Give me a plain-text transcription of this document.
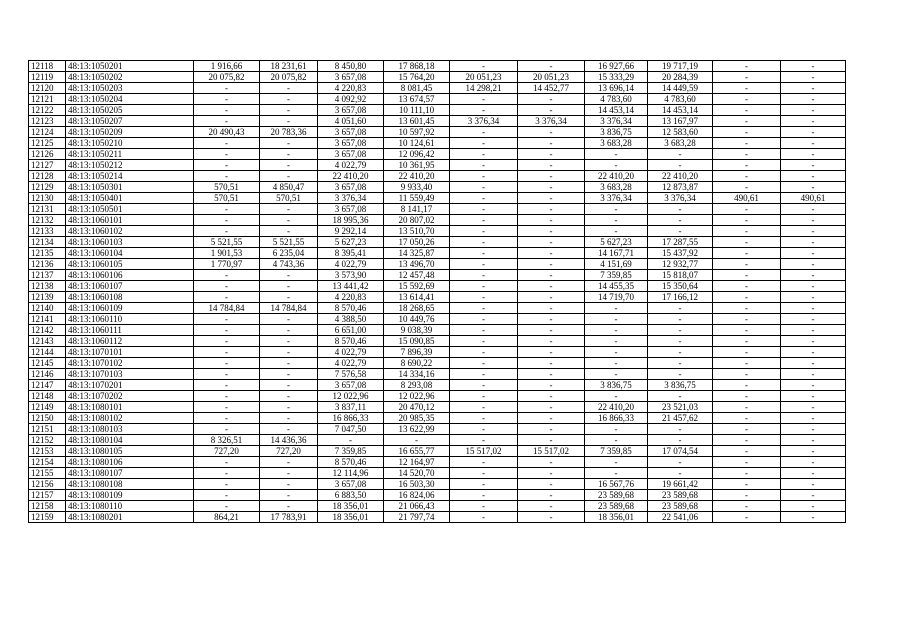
12118	48:13:1050201	1 916,66	18 231,61	8 450,80	17 868,18	-	-	16 927,66	19 717,19	-	-
12119	48:13:1050202	20 075,82	20 075,82	3 657,08	15 764,20	20 051,23	20 051,23	15 333,29	20 284,39	-	-
12120	48:13:1050203	-	-	4 220,83	8 081,45	14 298,21	14 452,77	13 696,14	14 449,59	-	-
12121	48:13:1050204	-	-	4 092,92	13 674,57	-	-	4 783,60	4 783,60	-	-
12122	48:13:1050205	-	-	3 657,08	10 111,10	-	-	14 453,14	14 453,14	-	-
12123	48:13:1050207	-	-	4 051,60	13 601,45	3 376,34	3 376,34	3 376,34	13 167,97	-	-
12124	48:13:1050209	20 490,43	20 783,36	3 657,08	10 597,92	-	-	3 836,75	12 583,60	-	-
12125	48:13:1050210	-	-	3 657,08	10 124,61	-	-	3 683,28	3 683,28	-	-
12126	48:13:1050211	-	-	3 657,08	12 096,42	-	-	-	-	-	-
12127	48:13:1050212	-	-	4 022,79	10 361,95	-	-	-	-	-	-
12128	48:13:1050214	-	-	22 410,20	22 410,20	-	-	22 410,20	22 410,20	-	-
12129	48:13:1050301	570,51	4 850,47	3 657,08	9 933,40	-	-	3 683,28	12 873,87	-	-
12130	48:13:1050401	570,51	570,51	3 376,34	11 559,49	-	-	3 376,34	3 376,34	490,61	490,61
12131	48:13:1050501	-	-	3 657,08	8 141,17	-	-	-	-	-	-
12132	48:13:1060101	-	-	18 995,36	20 807,02	-	-	-	-	-	-
12133	48:13:1060102	-	-	9 292,14	13 510,70	-	-	-	-	-	-
12134	48:13:1060103	5 521,55	5 521,55	5 627,23	17 050,26	-	-	5 627,23	17 287,55	-	-
12135	48:13:1060104	1 901,53	6 235,04	8 395,41	14 325,87	-	-	14 167,71	15 437,92	-	-
12136	48:13:1060105	1 770,97	4 743,36	4 022,79	13 496,70	-	-	4 151,69	12 932,77	-	-
12137	48:13:1060106	-	-	3 573,90	12 457,48	-	-	7 359,85	15 818,07	-	-
12138	48:13:1060107	-	-	13 441,42	15 592,69	-	-	14 455,35	15 350,64	-	-
12139	48:13:1060108	-	-	4 220,83	13 614,41	-	-	14 719,70	17 166,12	-	-
12140	48:13:1060109	14 784,84	14 784,84	8 570,46	18 268,65	-	-	-	-	-	-
12141	48:13:1060110	-	-	4 388,50	10 449,76	-	-	-	-	-	-
12142	48:13:1060111	-	-	6 651,00	9 038,39	-	-	-	-	-	-
12143	48:13:1060112	-	-	8 570,46	15 090,85	-	-	-	-	-	-
12144	48:13:1070101	-	-	4 022,79	7 896,39	-	-	-	-	-	-
12145	48:13:1070102	-	-	4 022,79	8 690,22	-	-	-	-	-	-
12146	48:13:1070103	-	-	7 576,58	14 334,16	-	-	-	-	-	-
12147	48:13:1070201	-	-	3 657,08	8 293,08	-	-	3 836,75	3 836,75	-	-
12148	48:13:1070202	-	-	12 022,96	12 022,96	-	-	-	-	-	-
12149	48:13:1080101	-	-	3 837,11	20 470,12	-	-	22 410,20	23 521,03	-	-
12150	48:13:1080102	-	-	16 866,33	20 985,35	-	-	16 866,33	21 457,62	-	-
12151	48:13:1080103	-	-	7 047,50	13 622,99	-	-	-	-	-	-
12152	48:13:1080104	8 326,51	14 436,36	-	-	-	-	-	-	-	-
12153	48:13:1080105	727,20	727,20	7 359,85	16 655,77	15 517,02	15 517,02	7 359,85	17 074,54	-	-
12154	48:13:1080106	-	-	8 570,46	12 164,97	-	-	-	-	-	-
12155	48:13:1080107	-	-	12 114,96	14 520,70	-	-	-	-	-	-
12156	48:13:1080108	-	-	3 657,08	16 503,30	-	-	16 567,76	19 661,42	-	-
12157	48:13:1080109	-	-	6 883,50	16 824,06	-	-	23 589,68	23 589,68	-	-
12158	48:13:1080110	-	-	18 356,01	21 066,43	-	-	23 589,68	23 589,68	-	-
12159	48:13:1080201	864,21	17 783,91	18 356,01	21 797,74	-	-	18 356,01	22 541,06	-	-
